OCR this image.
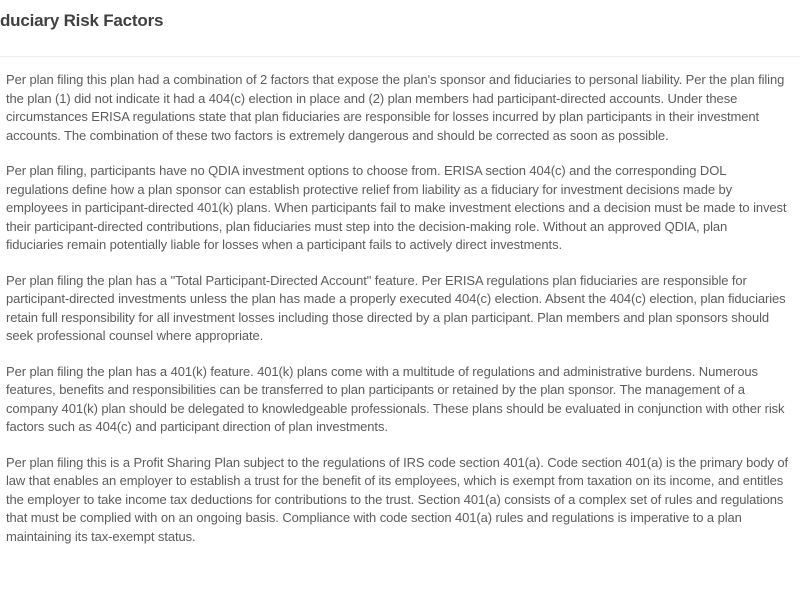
duciary Risk Factors

Per plan filing this plan had a combination of 2 factors that expose the plan's sponsor and fiduciaries to personal liability. Per the plan filing the plan (1) did not indicate it had a 404(c) election in place and (2) plan members had participant-directed accounts. Under these circumstances ERISA regulations state that plan fiduciaries are responsible for losses incurred by plan participants in their investment accounts. The combination of these two factors is extremely dangerous and should be corrected as soon as possible.

Per plan filing, participants have no QDIA investment options to choose from. ERISA section 404(c) and the corresponding DOL regulations define how a plan sponsor can establish protective relief from liability as a fiduciary for investment decisions made by employees in participant-directed 401(k) plans. When participants fail to make investment elections and a decision must be made to invest their participant-directed contributions, plan fiduciaries must step into the decision-making role. Without an approved QDIA, plan fiduciaries remain potentially liable for losses when a participant fails to actively direct investments.

Per plan filing the plan has a "Total Participant-Directed Account" feature. Per ERISA regulations plan fiduciaries are responsible for participant-directed investments unless the plan has made a properly executed 404(c) election. Absent the 404(c) election, plan fiduciaries retain full responsibility for all investment losses including those directed by a plan participant. Plan members and plan sponsors should seek professional counsel where appropriate.

Per plan filing the plan has a 401(k) feature. 401(k) plans come with a multitude of regulations and administrative burdens. Numerous features, benefits and responsibilities can be transferred to plan participants or retained by the plan sponsor. The management of a company 401(k) plan should be delegated to knowledgeable professionals. These plans should be evaluated in conjunction with other risk factors such as 404(c) and participant direction of plan investments.

Per plan filing this is a Profit Sharing Plan subject to the regulations of IRS code section 401(a). Code section 401(a) is the primary body of law that enables an employer to establish a trust for the benefit of its employees, which is exempt from taxation on its income, and entitles the employer to take income tax deductions for contributions to the trust. Section 401(a) consists of a complex set of rules and regulations that must be complied with on an ongoing basis. Compliance with code section 401(a) rules and regulations is imperative to a plan maintaining its tax-exempt status.
